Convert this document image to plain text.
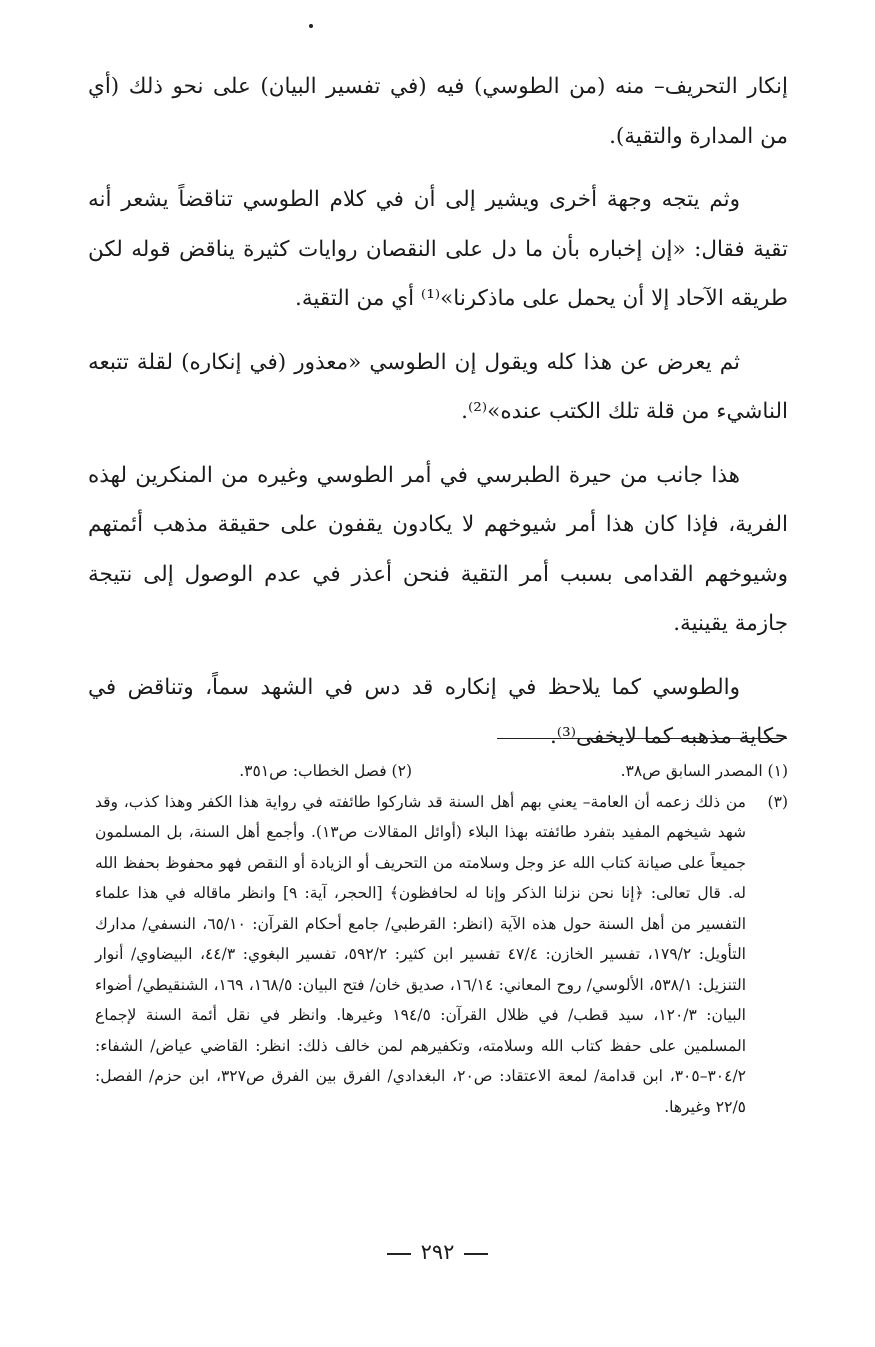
إنكار التحريف– منه (من الطوسي) فيه (في تفسير البيان) على نحو ذلك (أي من المدارة والتقية).

وثم يتجه وجهة أخرى ويشير إلى أن في كلام الطوسي تناقضاً يشعر أنه تقية فقال: «إن إخباره بأن ما دل على النقصان روايات كثيرة يناقض قوله لكن طريقه الآحاد إلا أن يحمل على ماذكرنا»⁽¹⁾ أي من التقية.

ثم يعرض عن هذا كله ويقول إن الطوسي «معذور (في إنكاره) لقلة تتبعه الناشيء من قلة تلك الكتب عنده»⁽²⁾.

هذا جانب من حيرة الطبرسي في أمر الطوسي وغيره من المنكرين لهذه الفرية، فإذا كان هذا أمر شيوخهم لا يكادون يقفون على حقيقة مذهب أئمتهم وشيوخهم القدامى بسبب أمر التقية فنحن أعذر في عدم الوصول إلى نتيجة جازمة يقينية.

والطوسي كما يلاحظ في إنكاره قد دس في الشهد سماً، وتناقض في حكاية مذهبه كما لايخفى⁽³⁾.

(١) المصدر السابق ص٣٨.
(٢) فصل الخطاب: ص٣٥١.
(٣)
من ذلك زعمه أن العامة– يعني بهم أهل السنة قد شاركوا طائفته في رواية هذا الكفر وهذا كذب، وقد شهد شيخهم المفيد بتفرد طائفته بهذا البلاء (أوائل المقالات ص١٣). وأجمع أهل السنة، بل المسلمون جميعاً على صيانة كتاب الله عز وجل وسلامته من التحريف أو الزيادة أو النقص فهو محفوظ بحفظ الله له. قال تعالى: ﴿إنا نحن نزلنا الذكر وإنا له لحافظون﴾ [الحجر، آية: ٩] وانظر ماقاله في هذا علماء التفسير من أهل السنة حول هذه الآية (انظر: القرطبي/ جامع أحكام القرآن: ٦٥/١٠، النسفي/ مدارك التأويل: ١٧٩/٢، تفسير الخازن: ٤٧/٤ تفسير ابن كثير: ٥٩٢/٢، تفسير البغوي: ٤٤/٣، البيضاوي/ أنوار التنزيل: ٥٣٨/١، الألوسي/ روح المعاني: ١٦/١٤، صديق خان/ فتح البيان: ١٦٨/٥، ١٦٩، الشنقيطي/ أضواء البيان: ١٢٠/٣، سيد قطب/ في ظلال القرآن: ١٩٤/٥ وغيرها. وانظر في نقل أئمة السنة لإجماع المسلمين على حفظ كتاب الله وسلامته، وتكفيرهم لمن خالف ذلك: انظر: القاضي عياض/ الشفاء: ٣٠٤/٢–٣٠٥، ابن قدامة/ لمعة الاعتقاد: ص٢٠، البغدادي/ الفرق بين الفرق ص٣٢٧، ابن حزم/ الفصل: ٢٢/٥ وغيرها.
٢٩٢
